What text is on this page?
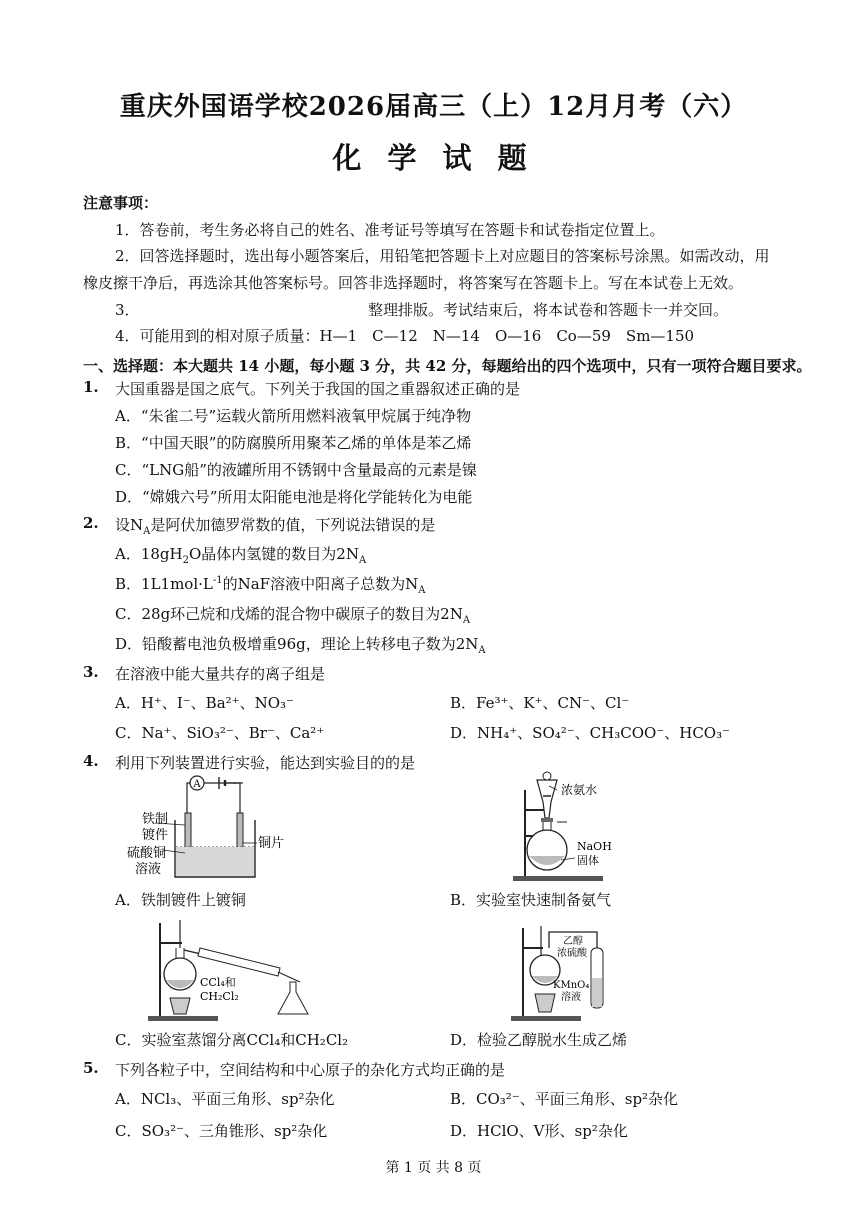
重庆外国语学校2026届高三（上）12月月考（六）
化 学 试 题
注意事项：
1．答卷前，考生务必将自己的姓名、准考证号等填写在答题卡和试卷指定位置上。
2．回答选择题时，选出每小题答案后，用铅笔把答题卡上对应题目的答案标号涂黑。如需改动，用
橡皮擦干净后，再选涂其他答案标号。回答非选择题时，将答案写在答题卡上。写在本试卷上无效。
3．	整理排版。考试结束后，将本试卷和答题卡一并交回。
4．可能用到的相对原子质量：H—1　C—12　N—14　O—16　Co—59　Sm—150
一、选择题：本大题共 14 小题，每小题 3 分，共 42 分，每题给出的四个选项中，只有一项符合题目要求。
1. 大国重器是国之底气。下列关于我国的国之重器叙述正确的是
A．“朱雀二号”运载火箭所用燃料液氧甲烷属于纯净物
B．“中国天眼”的防腐膜所用聚苯乙烯的单体是苯乙烯
C．“LNG船”的液罐所用不锈钢中含量最高的元素是镍
D．“嫦娥六号”所用太阳能电池是将化学能转化为电能
2. 设$N_A$是阿伏加德罗常数的值，下列说法错误的是
A．$18gH_2O$晶体内氢键的数目为$2N_A$
B．$1L1mol\cdot L^{-1}$的NaF溶液中阳离子总数为$N_A$
C．28g环己烷和戊烯的混合物中碳原子的数目为$2N_A$
D．铅酸蓄电池负极增重96g，理论上转移电子数为$2N_A$
3. 在溶液中能大量共存的离子组是
A．H⁺、I⁻、Ba²⁺、NO₃⁻	B．Fe³⁺、K⁺、CN⁻、Cl⁻
C．Na⁺、SiO₃²⁻、Br⁻、Ca²⁺	D．NH₄⁺、SO₄²⁻、CH₃COO⁻、HCO₃⁻
4. 利用下列装置进行实验，能达到实验目的的是
A
铁制
镀件
硫酸铜
溶液
铜片
A．铁制镀件上镀铜
浓氨水
NaOH
固体
B．实验室快速制备氨气
CCl₄和
CH₂Cl₂
C．实验室蒸馏分离CCl₄和CH₂Cl₂
乙醇
浓硫酸
KMnO₄
溶液
D．检验乙醇脱水生成乙烯
5. 下列各粒子中，空间结构和中心原子的杂化方式均正确的是
A．NCl₃、平面三角形、sp²杂化	B．CO₃²⁻、平面三角形、sp²杂化
C．SO₃²⁻、三角锥形、sp²杂化	D．HClO、V形、sp²杂化
第 1 页 共 8 页
